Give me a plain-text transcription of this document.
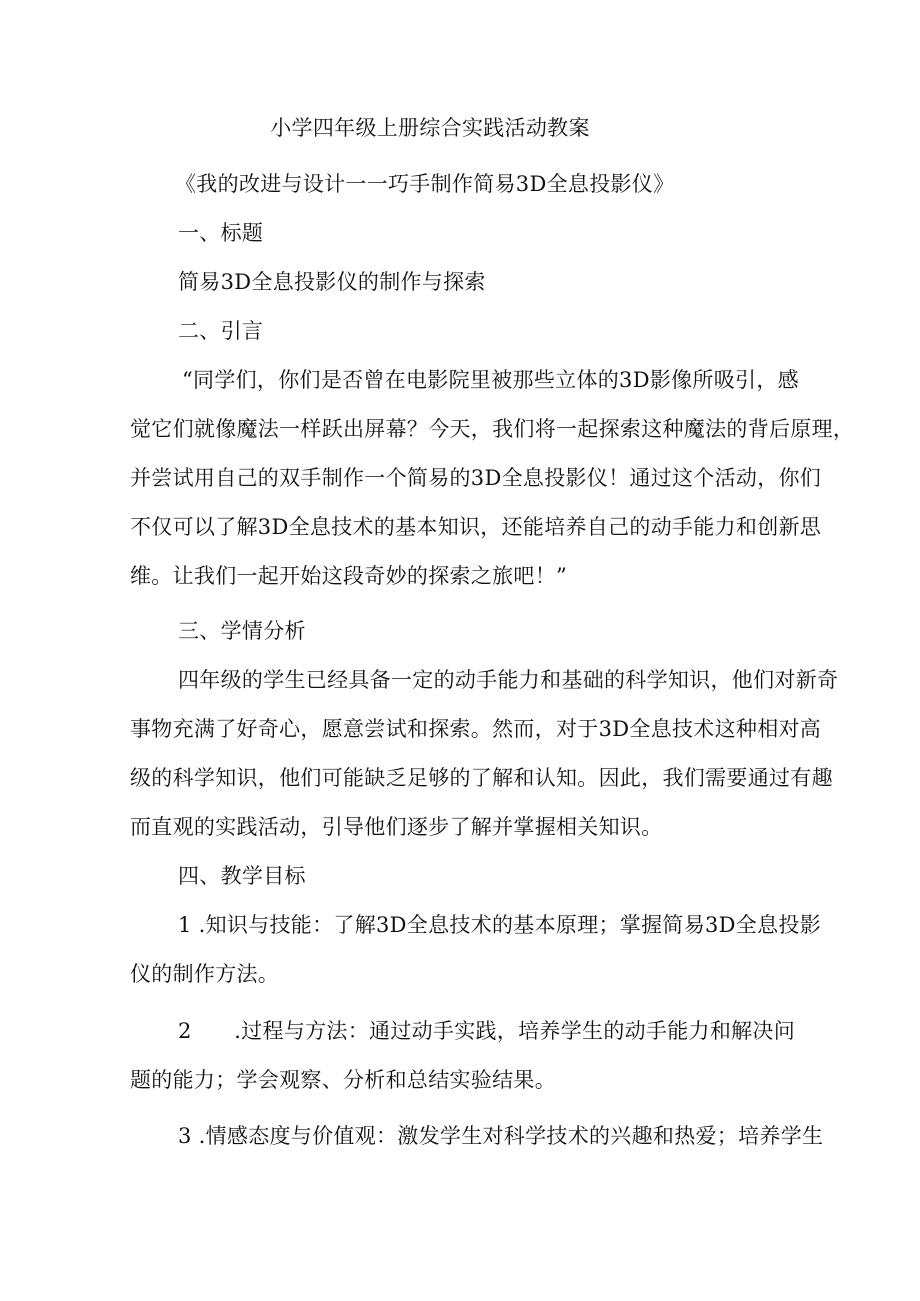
小学四年级上册综合实践活动教案
《我的改进与设计一一巧手制作简易3D全息投影仪》
一、标题
简易3D全息投影仪的制作与探索
二、引言
“同学们，你们是否曾在电影院里被那些立体的3D影像所吸引，感
觉它们就像魔法一样跃出屏幕？今天，我们将一起探索这种魔法的背后原理，
并尝试用自己的双手制作一个简易的3D全息投影仪！通过这个活动，你们
不仅可以了解3D全息技术的基本知识，还能培养自己的动手能力和创新思
维。让我们一起开始这段奇妙的探索之旅吧！”
三、学情分析
四年级的学生已经具备一定的动手能力和基础的科学知识，他们对新奇
事物充满了好奇心，愿意尝试和探索。然而，对于3D全息技术这种相对高
级的科学知识，他们可能缺乏足够的了解和认知。因此，我们需要通过有趣
而直观的实践活动，引导他们逐步了解并掌握相关知识。
四、教学目标
1 .知识与技能：了解3D全息技术的基本原理；掌握简易3D全息投影
仪的制作方法。
2　　.过程与方法：通过动手实践，培养学生的动手能力和解决问
题的能力；学会观察、分析和总结实验结果。
3 .情感态度与价值观：激发学生对科学技术的兴趣和热爱；培养学生
